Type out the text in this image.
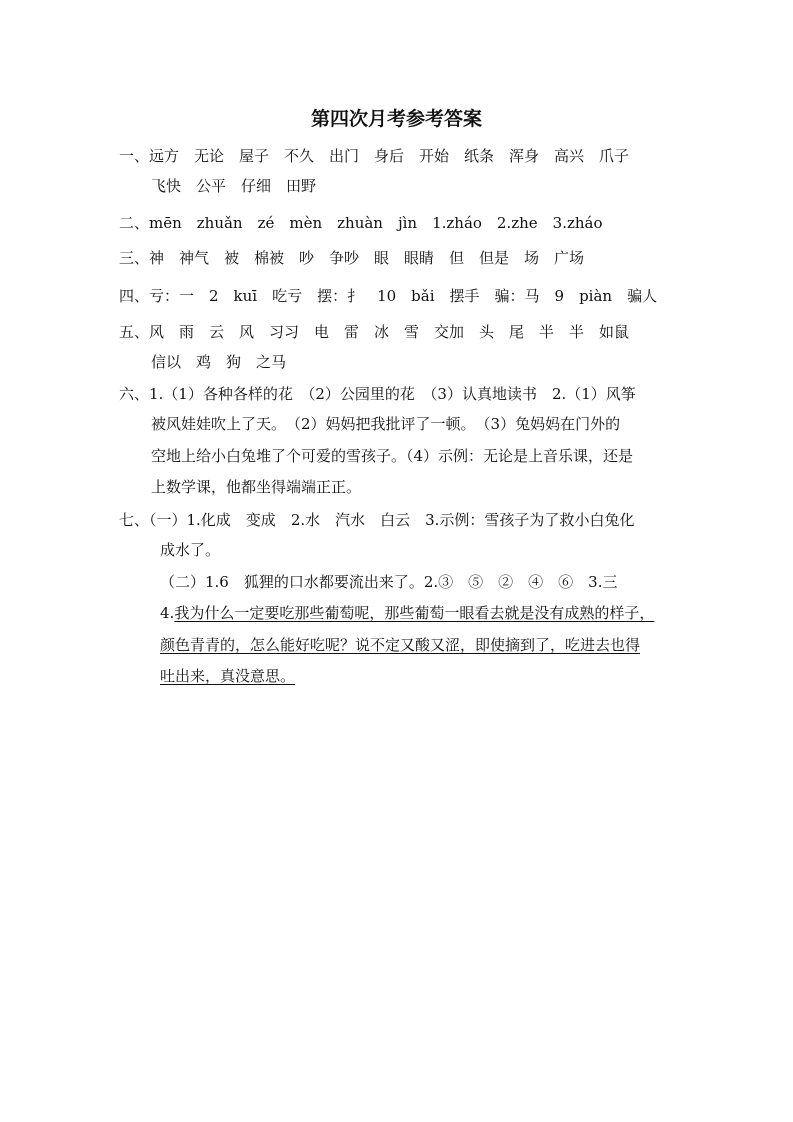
第四次月考参考答案
一、远方　无论　屋子　不久　出门　身后　开始　纸条　浑身　高兴　爪子
飞快　公平　仔细　田野
二、mēn　zhuǎn　zé　mèn　zhuàn　jìn　1.zháo　2.zhe　3.zháo
三、神　神气　被　棉被　吵　争吵　眼　眼睛　但　但是　场　广场
四、亏：一　2　kuī　吃亏　摆：扌　10　bǎi　摆手　骗：马　9　piàn　骗人
五、风　雨　云　风　习习　电　雷　冰　雪　交加　头　尾　半　半　如鼠
信以　鸡　狗　之马
六、1.（1）各种各样的花　（2）公园里的花　（3）认真地读书　2.（1）风筝
被风娃娃吹上了天。　（2）妈妈把我批评了一顿。　（3）兔妈妈在门外的
空地上给小白兔堆了个可爱的雪孩子。（4）示例：无论是上音乐课，还是
上数学课，他都坐得端端正正。
七、（一）1.化成　变成　2.水　汽水　白云　3.示例：雪孩子为了救小白兔化
成水了。
（二）1.6　狐狸的口水都要流出来了。2.③　⑤　②　④　⑥　3.三
4.我为什么一定要吃那些葡萄呢，那些葡萄一眼看去就是没有成熟的样子，
颜色青青的，怎么能好吃呢？说不定又酸又涩，即使摘到了，吃进去也得
吐出来，真没意思。
